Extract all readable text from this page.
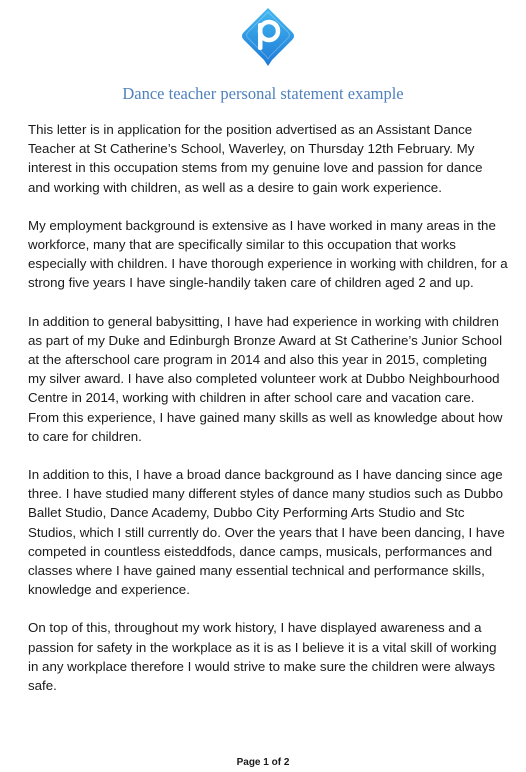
Dance teacher personal statement example

This letter is in application for the position advertised as an Assistant Dance Teacher at St Catherine’s School, Waverley, on Thursday 12th February. My interest in this occupation stems from my genuine love and passion for dance and working with children, as well as a desire to gain work experience.

My employment background is extensive as I have worked in many areas in the workforce, many that are specifically similar to this occupation that works especially with children. I have thorough experience in working with children, for a strong five years I have single-handily taken care of children aged 2 and up.

In addition to general babysitting, I have had experience in working with children as part of my Duke and Edinburgh Bronze Award at St Catherine’s Junior School at the afterschool care program in 2014 and also this year in 2015, completing my silver award. I have also completed volunteer work at Dubbo Neighbourhood Centre in 2014, working with children in after school care and vacation care. From this experience, I have gained many skills as well as knowledge about how to care for children.

In addition to this, I have a broad dance background as I have dancing since age three. I have studied many different styles of dance many studios such as Dubbo Ballet Studio, Dance Academy, Dubbo City Performing Arts Studio and Stc Studios, which I still currently do. Over the years that I have been dancing, I have competed in countless eisteddfods, dance camps, musicals, performances and classes where I have gained many essential technical and performance skills, knowledge and experience.

On top of this, throughout my work history, I have displayed awareness and a passion for safety in the workplace as it is as I believe it is a vital skill of working in any workplace therefore I would strive to make sure the children were always safe.

Page 1 of 2
